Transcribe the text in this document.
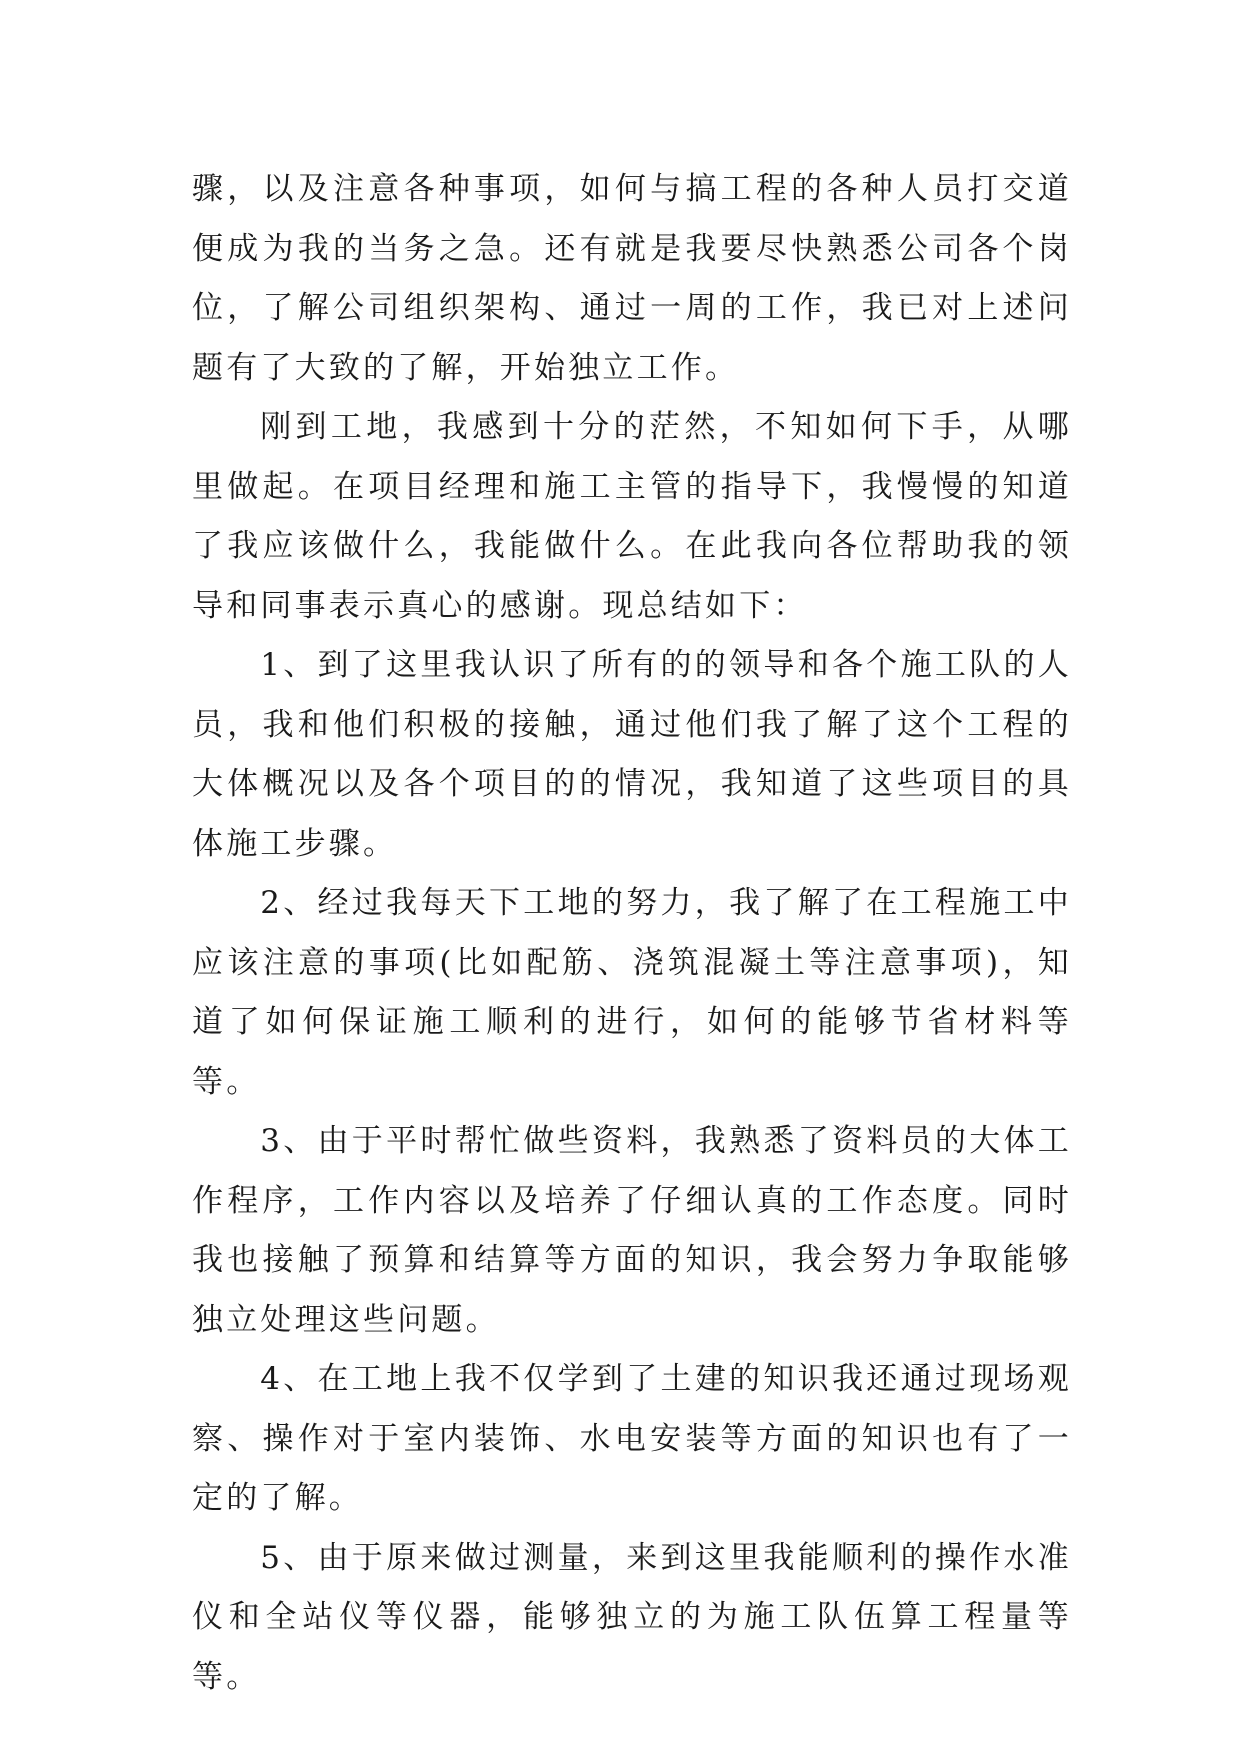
骤，以及注意各种事项，如何与搞工程的各种人员打交道便成为我的当务之急。还有就是我要尽快熟悉公司各个岗位，了解公司组织架构、通过一周的工作，我已对上述问题有了大致的了解，开始独立工作。

刚到工地，我感到十分的茫然，不知如何下手，从哪里做起。在项目经理和施工主管的指导下，我慢慢的知道了我应该做什么，我能做什么。在此我向各位帮助我的领导和同事表示真心的感谢。现总结如下：

1、到了这里我认识了所有的的领导和各个施工队的人员，我和他们积极的接触，通过他们我了解了这个工程的大体概况以及各个项目的的情况，我知道了这些项目的具体施工步骤。

2、经过我每天下工地的努力，我了解了在工程施工中应该注意的事项(比如配筋、浇筑混凝土等注意事项)，知道了如何保证施工顺利的进行，如何的能够节省材料等等。

3、由于平时帮忙做些资料，我熟悉了资料员的大体工作程序，工作内容以及培养了仔细认真的工作态度。同时我也接触了预算和结算等方面的知识，我会努力争取能够独立处理这些问题。

4、在工地上我不仅学到了土建的知识我还通过现场观察、操作对于室内装饰、水电安装等方面的知识也有了一定的了解。

5、由于原来做过测量，来到这里我能顺利的操作水准仪和全站仪等仪器，能够独立的为施工队伍算工程量等等。
